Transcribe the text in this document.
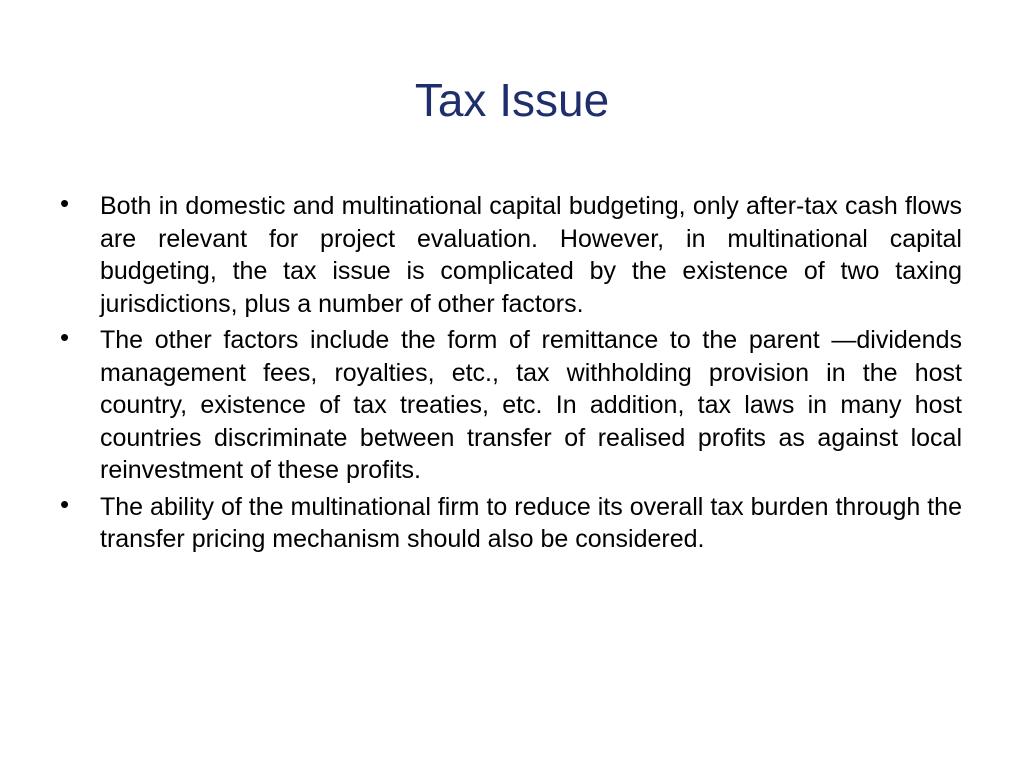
Tax Issue
• Both in domestic and multinational capital budgeting, only after-tax cash flows are relevant for project evaluation. However, in multinational capital budgeting, the tax issue is complicated by the existence of two taxing jurisdictions, plus a number of other factors.
• The other factors include the form of remittance to the parent —dividends management fees, royalties, etc., tax withholding provision in the host country, existence of tax treaties, etc. In addition, tax laws in many host countries discriminate between transfer of realised profits as against local reinvestment of these profits.
• The ability of the multinational firm to reduce its overall tax burden through the transfer pricing mechanism should also be considered.
